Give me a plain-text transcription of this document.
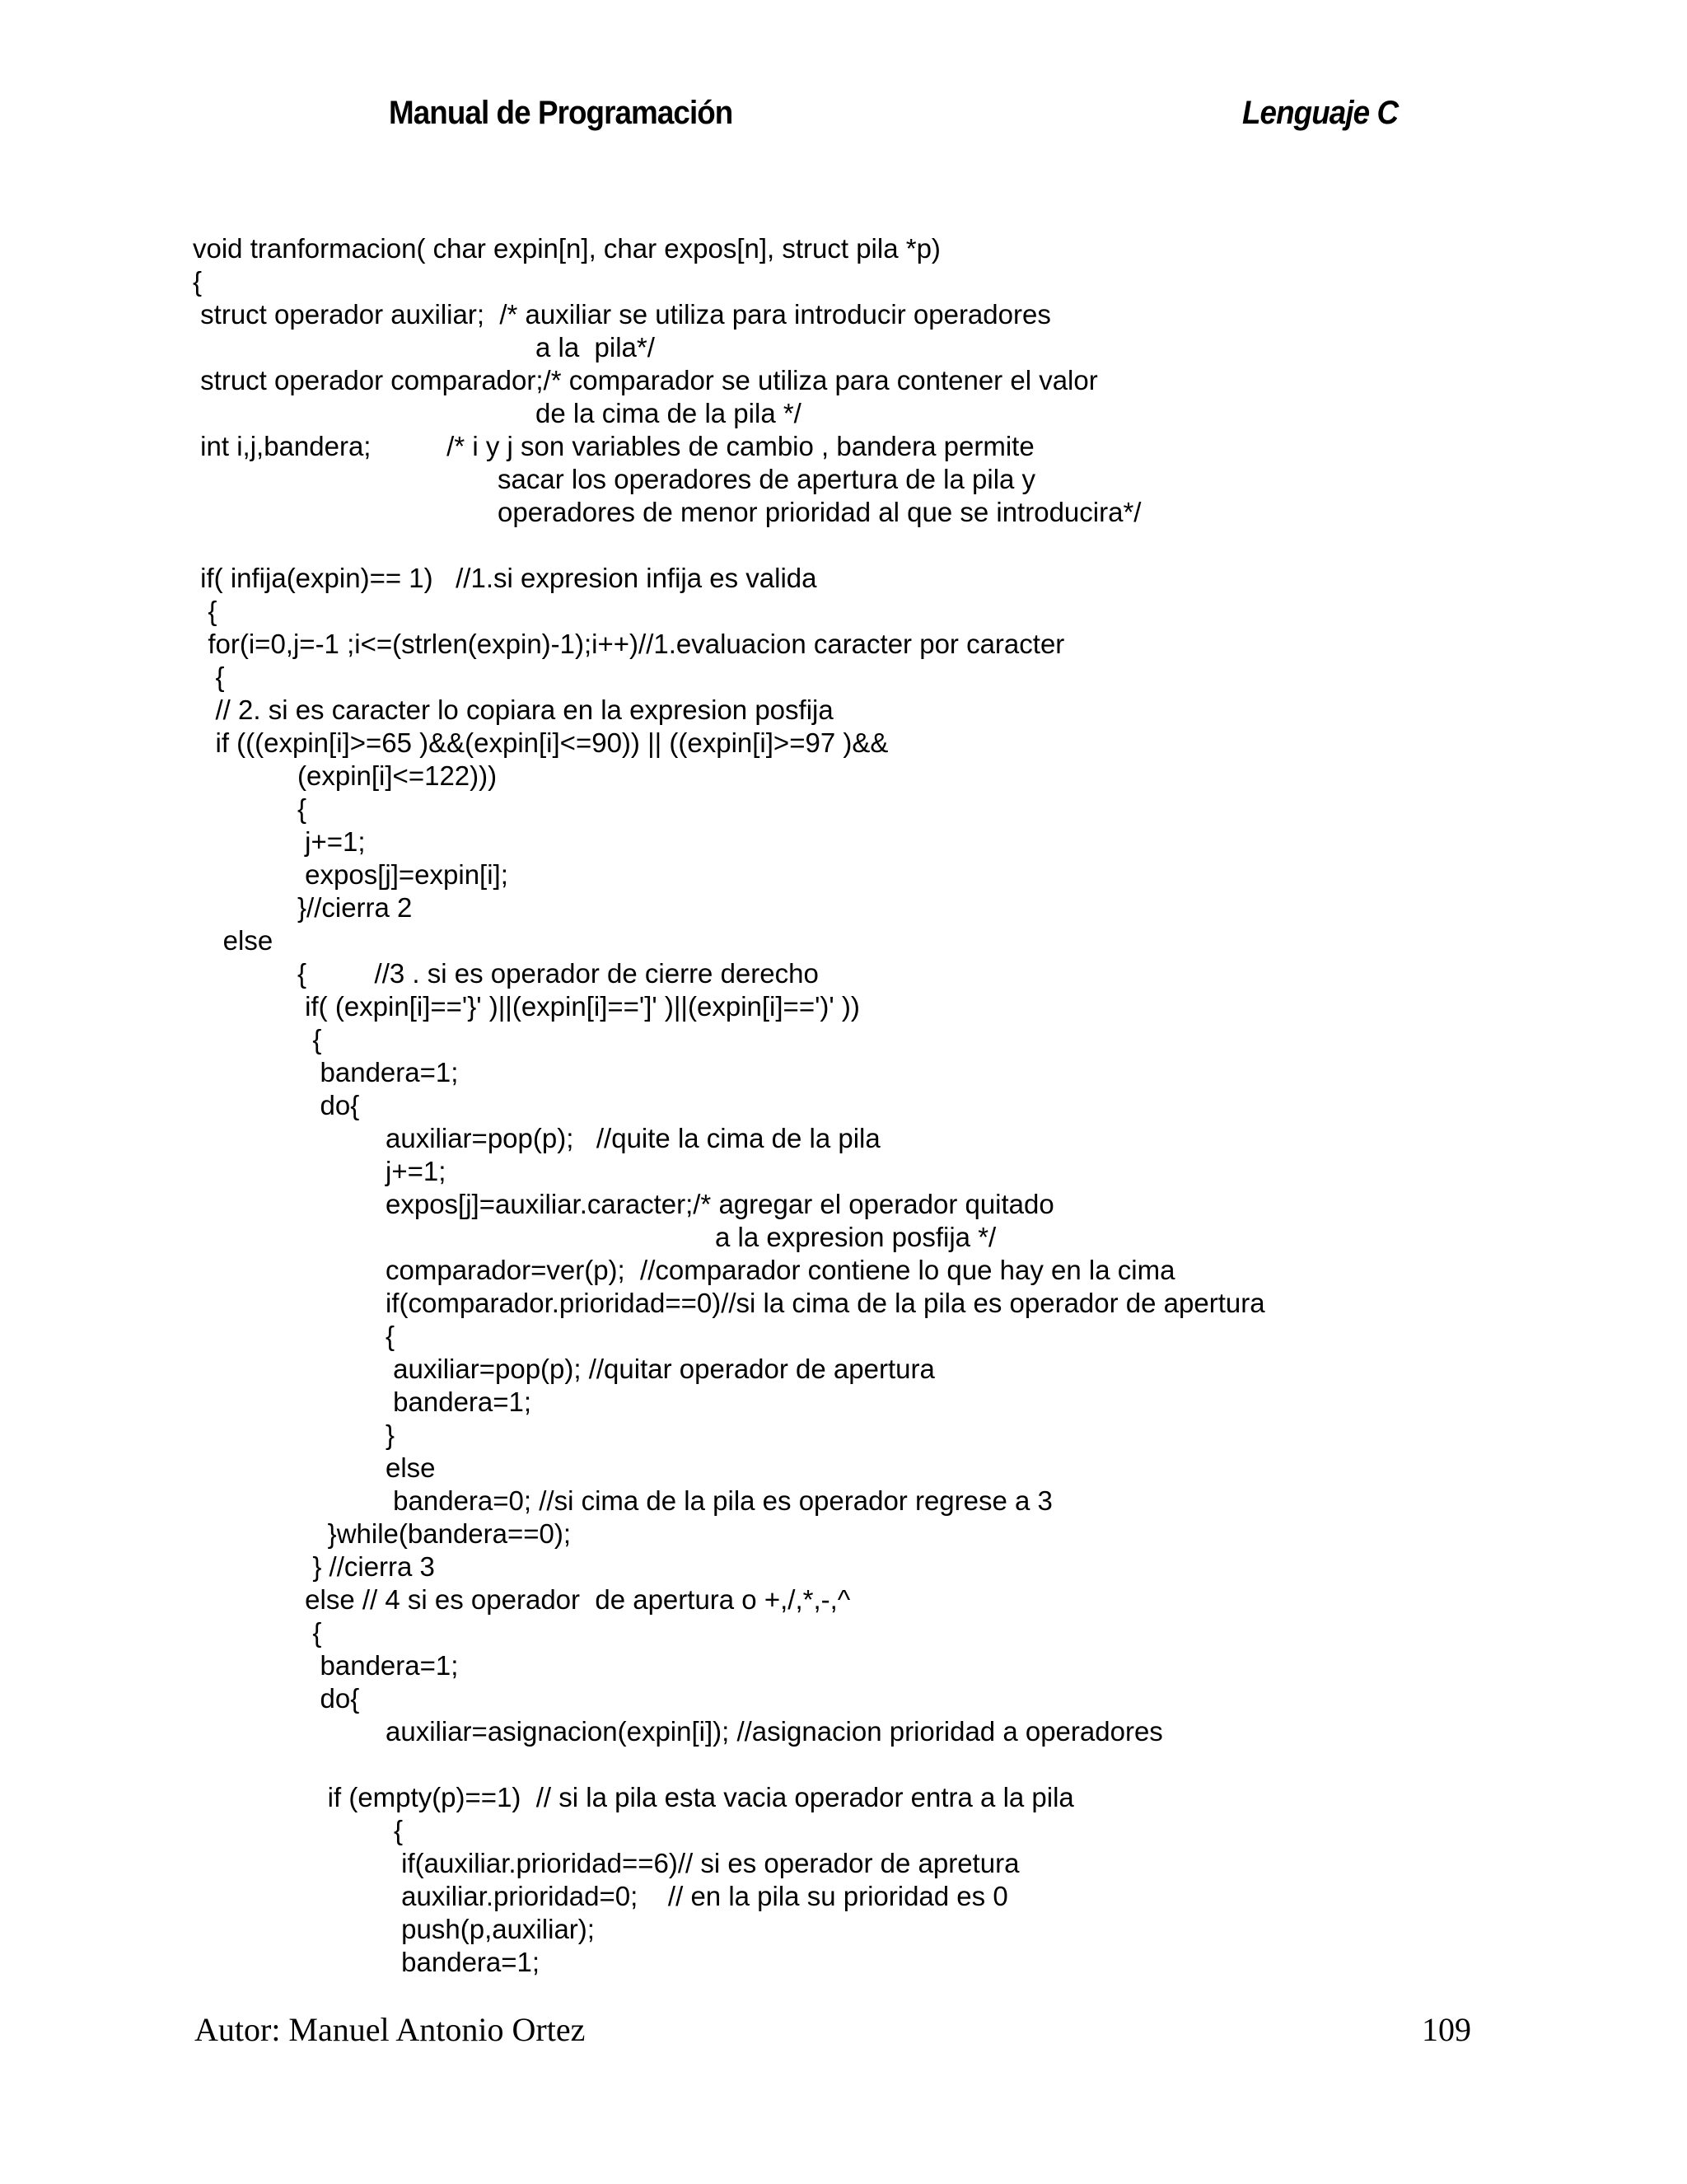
Manual de Programación	Lenguaje C
void tranformacion( char expin[n], char expos[n], struct pila *p)
{
struct operador auxiliar;  /* auxiliar se utiliza para introducir operadores
a la  pila*/
struct operador comparador;/* comparador se utiliza para contener el valor
de la cima de la pila */
int i,j,bandera;          /* i y j son variables de cambio , bandera permite
sacar los operadores de apertura de la pila y
operadores de menor prioridad al que se introducira*/
if( infija(expin)== 1)   //1.si expresion infija es valida
{
for(i=0,j=-1 ;i<=(strlen(expin)-1);i++)//1.evaluacion caracter por caracter
{
// 2. si es caracter lo copiara en la expresion posfija
if (((expin[i]>=65 )&&(expin[i]<=90)) || ((expin[i]>=97 )&&
(expin[i]<=122)))
{
j+=1;
expos[j]=expin[i];
}//cierra 2
else
{         //3 . si es operador de cierre derecho
if( (expin[i]=='}' )||(expin[i]==']' )||(expin[i]==')' ))
{
bandera=1;
do{
auxiliar=pop(p);   //quite la cima de la pila
j+=1;
expos[j]=auxiliar.caracter;/* agregar el operador quitado
a la expresion posfija */
comparador=ver(p);  //comparador contiene lo que hay en la cima
if(comparador.prioridad==0)//si la cima de la pila es operador de apertura
{
auxiliar=pop(p); //quitar operador de apertura
bandera=1;
}
else
bandera=0; //si cima de la pila es operador regrese a 3
}while(bandera==0);
} //cierra 3
else // 4 si es operador  de apertura o +,/,*,-,^
{
bandera=1;
do{
auxiliar=asignacion(expin[i]); //asignacion prioridad a operadores
if (empty(p)==1)  // si la pila esta vacia operador entra a la pila
{
if(auxiliar.prioridad==6)// si es operador de apretura
auxiliar.prioridad=0;    // en la pila su prioridad es 0
push(p,auxiliar);
bandera=1;
Autor: Manuel Antonio Ortez	109
